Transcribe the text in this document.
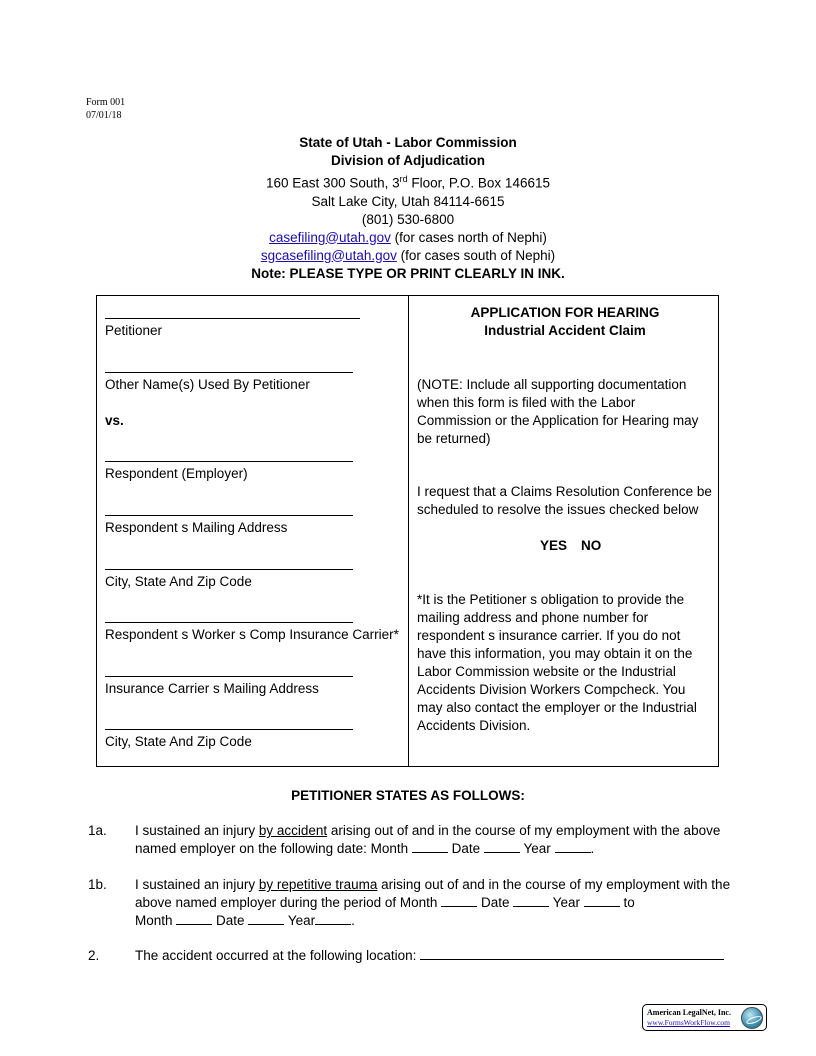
Form 001
07/01/18
State of Utah - Labor Commission
Division of Adjudication
160 East 300 South, 3rd Floor, P.O. Box 146615
Salt Lake City, Utah 84114-6615
(801) 530-6800
casefiling@utah.gov (for cases north of Nephi)
sgcasefiling@utah.gov (for cases south of Nephi)
Note: PLEASE TYPE OR PRINT CLEARLY IN INK.
Petitioner
Other Name(s) Used By Petitioner
vs.
Respondent (Employer)
Respondent s Mailing Address
City, State And Zip Code
Respondent s Worker s Comp Insurance Carrier*
Insurance Carrier s Mailing Address
City, State And Zip Code
APPLICATION FOR HEARING
Industrial Accident Claim
(NOTE: Include all supporting documentation when this form is filed with the Labor Commission or the Application for Hearing may be returned)
I request that a Claims Resolution Conference be scheduled to resolve the issues checked below
YES NO
*It is the Petitioner s obligation to provide the mailing address and phone number for respondent s insurance carrier. If you do not have this information, you may obtain it on the Labor Commission website or the Industrial Accidents Division Workers Compcheck. You may also contact the employer or the Industrial Accidents Division.
PETITIONER STATES AS FOLLOWS:
1a. I sustained an injury by accident arising out of and in the course of my employment with the above named employer on the following date: Month	Date	Year	.
1b. I sustained an injury by repetitive trauma arising out of and in the course of my employment with the above named employer during the period of Month	Date	Year	to
Month	Date	Year	.
2.	The accident occurred at the following location:
American LegalNet, Inc.
www.FormsWorkFlow.com
